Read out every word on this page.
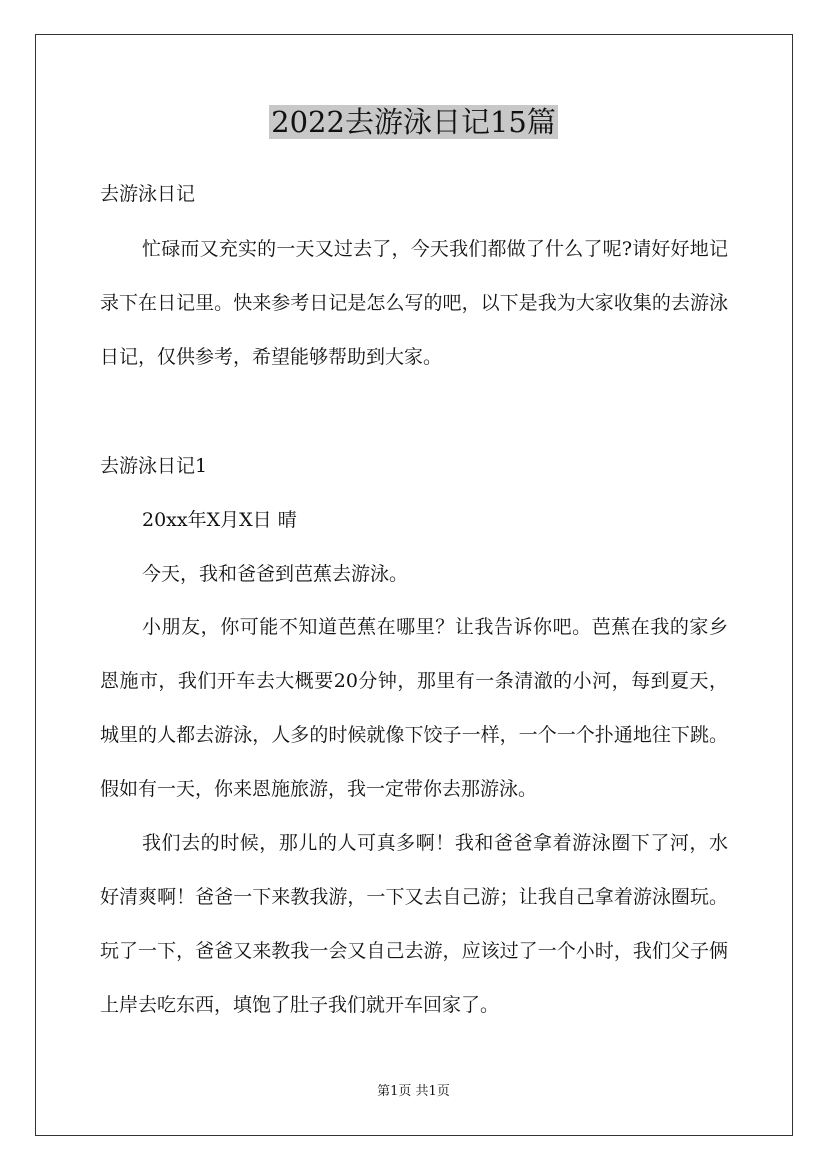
2022去游泳日记15篇
去游泳日记

忙碌而又充实的一天又过去了，今天我们都做了什么了呢?请好好地记录下在日记里。快来参考日记是怎么写的吧，以下是我为大家收集的去游泳日记，仅供参考，希望能够帮助到大家。

去游泳日记1
20xx年X月X日 晴
今天，我和爸爸到芭蕉去游泳。

小朋友，你可能不知道芭蕉在哪里？让我告诉你吧。芭蕉在我的家乡恩施市，我们开车去大概要20分钟，那里有一条清澈的小河，每到夏天，城里的人都去游泳，人多的时候就像下饺子一样，一个一个扑通地往下跳。假如有一天，你来恩施旅游，我一定带你去那游泳。

我们去的时候，那儿的人可真多啊！我和爸爸拿着游泳圈下了河，水好清爽啊！爸爸一下来教我游，一下又去自己游；让我自己拿着游泳圈玩。玩了一下，爸爸又来教我一会又自己去游，应该过了一个小时，我们父子俩上岸去吃东西，填饱了肚子我们就开车回家了。

第1页 共1页
